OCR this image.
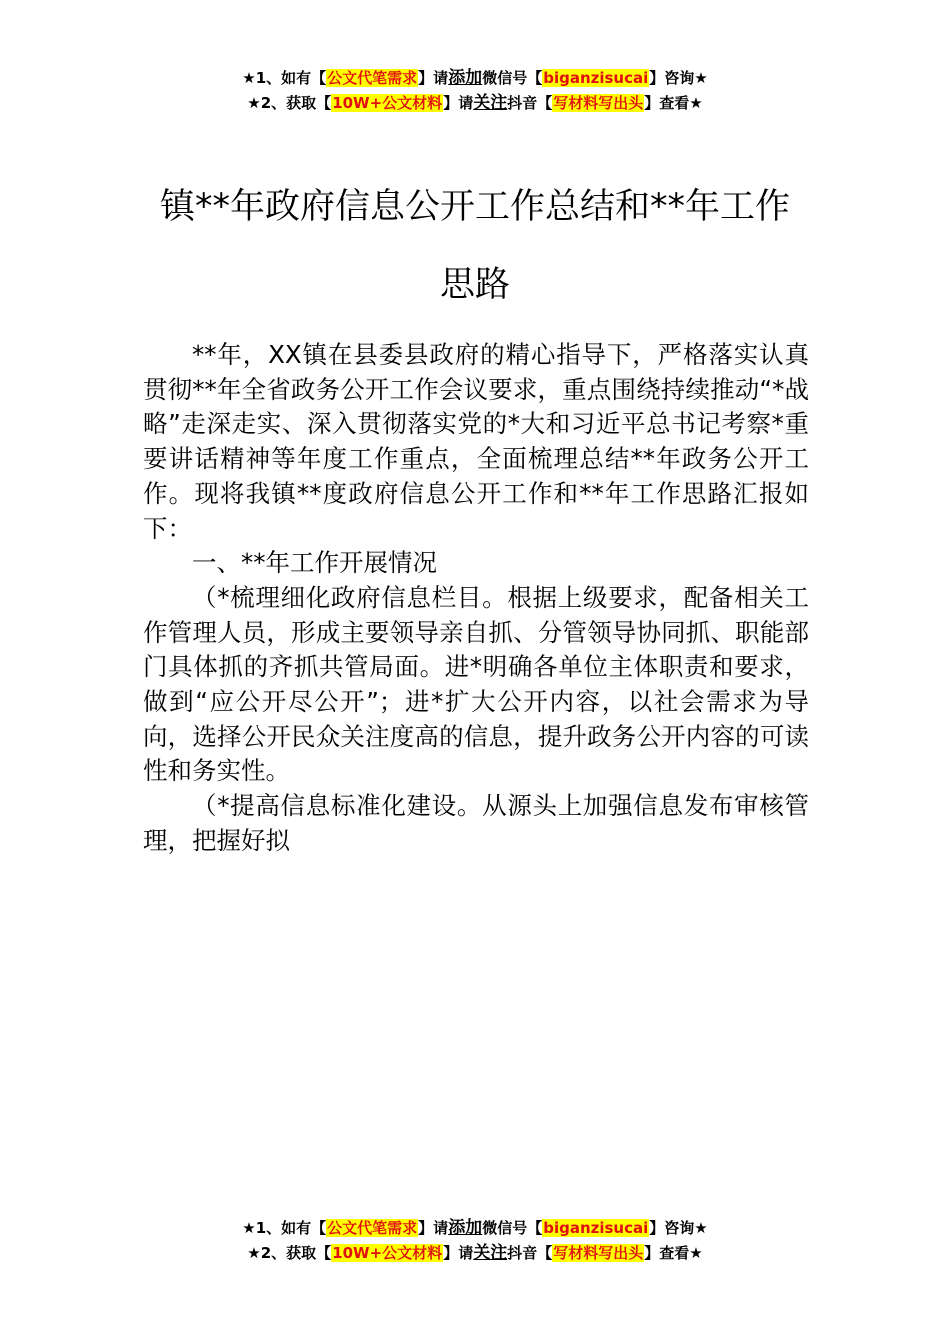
★1、如有【公文代笔需求】请添加微信号【biganzisucai】咨询★
★2、获取【10W+公文材料】请关注抖音【写材料写出头】查看★
镇**年政府信息公开工作总结和**年工作
思路

**年，XX镇在县委县政府的精心指导下，严格落实认真贯彻**年全省政务公开工作会议要求，重点围绕持续推动“*战略”走深走实、深入贯彻落实党的*大和习近平总书记考察*重要讲话精神等年度工作重点，全面梳理总结**年政务公开工作。现将我镇**度政府信息公开工作和**年工作思路汇报如下：

一、**年工作开展情况

（*梳理细化政府信息栏目。根据上级要求，配备相关工作管理人员，形成主要领导亲自抓、分管领导协同抓、职能部门具体抓的齐抓共管局面。进*明确各单位主体职责和要求，做到“应公开尽公开”；进*扩大公开内容，以社会需求为导向，选择公开民众关注度高的信息，提升政务公开内容的可读性和务实性。

（*提高信息标准化建设。从源头上加强信息发布审核管理，把握好拟

★1、如有【公文代笔需求】请添加微信号【biganzisucai】咨询★
★2、获取【10W+公文材料】请关注抖音【写材料写出头】查看★
